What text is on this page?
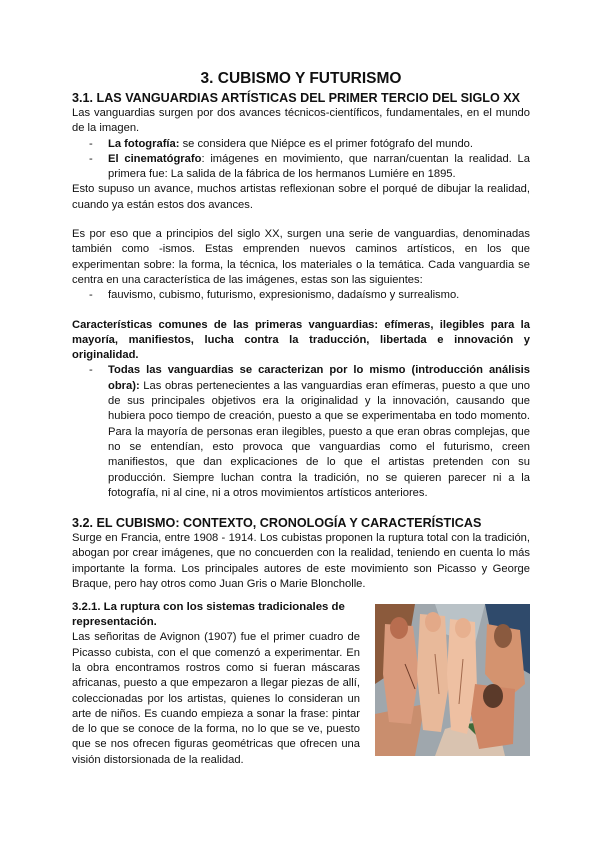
3. CUBISMO Y FUTURISMO
3.1. LAS VANGUARDIAS ARTÍSTICAS DEL PRIMER TERCIO DEL SIGLO XX

Las vanguardias surgen por dos avances técnicos-científicos, fundamentales, en el mundo de la imagen.

- La fotografía: se considera que Niépce es el primer fotógrafo del mundo.
- El cinematógrafo: imágenes en movimiento, que narran/cuentan la realidad. La primera fue: La salida de la fábrica de los hermanos Lumiére en 1895.

Esto supuso un avance, muchos artistas reflexionan sobre el porqué de dibujar la realidad, cuando ya están estos dos avances.

Es por eso que a principios del siglo XX, surgen una serie de vanguardias, denominadas también como -ismos. Estas emprenden nuevos caminos artísticos, en los que experimentan sobre: la forma, la técnica, los materiales o la temática. Cada vanguardia se centra en una característica de las imágenes, estas son las siguientes:

- fauvismo, cubismo, futurismo, expresionismo, dadaísmo y surrealismo.

Características comunes de las primeras vanguardias: efímeras, ilegibles para la mayoría, manifiestos, lucha contra la traducción, libertada e innovación y originalidad.

- Todas las vanguardias se caracterizan por lo mismo (introducción análisis obra): Las obras pertenecientes a las vanguardias eran efímeras, puesto a que uno de sus principales objetivos era la originalidad y la innovación, causando que hubiera poco tiempo de creación, puesto a que se experimentaba en todo momento. Para la mayoría de personas eran ilegibles, puesto a que eran obras complejas, que no se entendían, esto provoca que vanguardias como el futurismo, creen manifiestos, que dan explicaciones de lo que el artistas pretenden con su producción. Siempre luchan contra la tradición, no se quieren parecer ni a la fotografía, ni al cine, ni a otros movimientos artísticos anteriores.
3.2. EL CUBISMO: CONTEXTO, CRONOLOGÍA Y CARACTERÍSTICAS

Surge en Francia, entre 1908 - 1914. Los cubistas proponen la ruptura total con la tradición, abogan por crear imágenes, que no concuerden con la realidad, teniendo en cuenta lo más importante la forma. Los principales autores de este movimiento son Picasso y George Braque, pero hay otros como Juan Gris o Marie Bloncholle.

3.2.1. La ruptura con los sistemas tradicionales de representación.

Las señoritas de Avignon (1907) fue el primer cuadro de Picasso cubista, con el que comenzó a experimentar. En la obra encontramos rostros como si fueran máscaras africanas, puesto a que empezaron a llegar piezas de allí, coleccionadas por los artistas, quienes lo consideran un arte de niños. Es cuando empieza a sonar la frase: pintar de lo que se conoce de la forma, no lo que se ve, puesto que se nos ofrecen figuras geométricas que ofrecen una visión distorsionada de la realidad.
